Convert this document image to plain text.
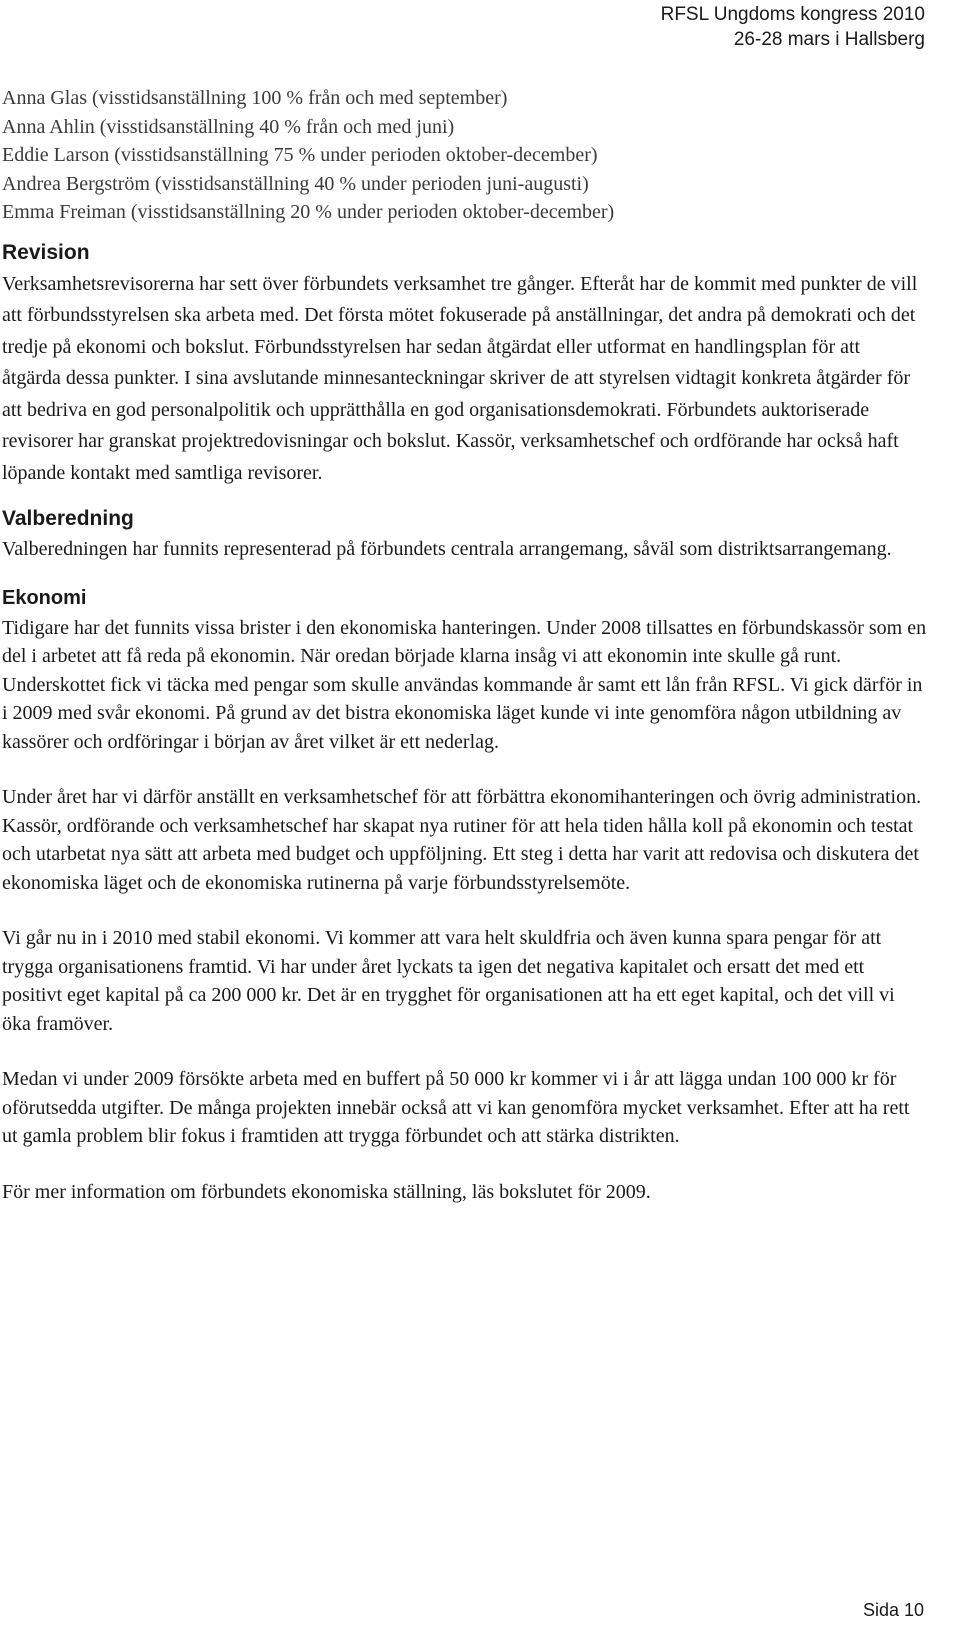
RFSL Ungdoms kongress 2010
26-28 mars i Hallsberg
Anna Glas (visstidsanställning 100 % från och med september)
Anna Ahlin (visstidsanställning 40 % från och med juni)
Eddie Larson (visstidsanställning 75 % under perioden oktober-december)
Andrea Bergström (visstidsanställning 40 % under perioden juni-augusti)
Emma Freiman (visstidsanställning 20 % under perioden oktober-december)
Revision

Verksamhetsrevisorerna har sett över förbundets verksamhet tre gånger. Efteråt har de kommit med punkter de vill att förbundsstyrelsen ska arbeta med. Det första mötet fokuserade på anställningar, det andra på demokrati och det tredje på ekonomi och bokslut. Förbundsstyrelsen har sedan åtgärdat eller utformat en handlingsplan för att åtgärda dessa punkter. I sina avslutande minnesanteckningar skriver de att styrelsen vidtagit konkreta åtgärder för att bedriva en god personalpolitik och upprätthålla en god organisationsdemokrati. Förbundets auktoriserade revisorer har granskat projektredovisningar och bokslut. Kassör, verksamhetschef och ordförande har också haft löpande kontakt med samtliga revisorer.

Valberedning

Valberedningen har funnits representerad på förbundets centrala arrangemang, såväl som distriktsarrangemang.

Ekonomi

Tidigare har det funnits vissa brister i den ekonomiska hanteringen. Under 2008 tillsattes en förbundskassör som en del i arbetet att få reda på ekonomin. När oredan började klarna insåg vi att ekonomin inte skulle gå runt. Underskottet fick vi täcka med pengar som skulle användas kommande år samt ett lån från RFSL. Vi gick därför in i 2009 med svår ekonomi. På grund av det bistra ekonomiska läget kunde vi inte genomföra någon utbildning av kassörer och ordföringar i början av året vilket är ett nederlag.

Under året har vi därför anställt en verksamhetschef för att förbättra ekonomihanteringen och övrig administration. Kassör, ordförande och verksamhetschef har skapat nya rutiner för att hela tiden hålla koll på ekonomin och testat och utarbetat nya sätt att arbeta med budget och uppföljning. Ett steg i detta har varit att redovisa och diskutera det ekonomiska läget och de ekonomiska rutinerna på varje förbundsstyrelsemöte.

Vi går nu in i 2010 med stabil ekonomi. Vi kommer att vara helt skuldfria och även kunna spara pengar för att trygga organisationens framtid. Vi har under året lyckats ta igen det negativa kapitalet och ersatt det med ett positivt eget kapital på ca 200 000 kr. Det är en trygghet för organisationen att ha ett eget kapital, och det vill vi öka framöver.

Medan vi under 2009 försökte arbeta med en buffert på 50 000 kr kommer vi i år att lägga undan 100 000 kr för oförutsedda utgifter. De många projekten innebär också att vi kan genomföra mycket verksamhet. Efter att ha rett ut gamla problem blir fokus i framtiden att trygga förbundet och att stärka distrikten.

För mer information om förbundets ekonomiska ställning, läs bokslutet för 2009.

Sida 10
